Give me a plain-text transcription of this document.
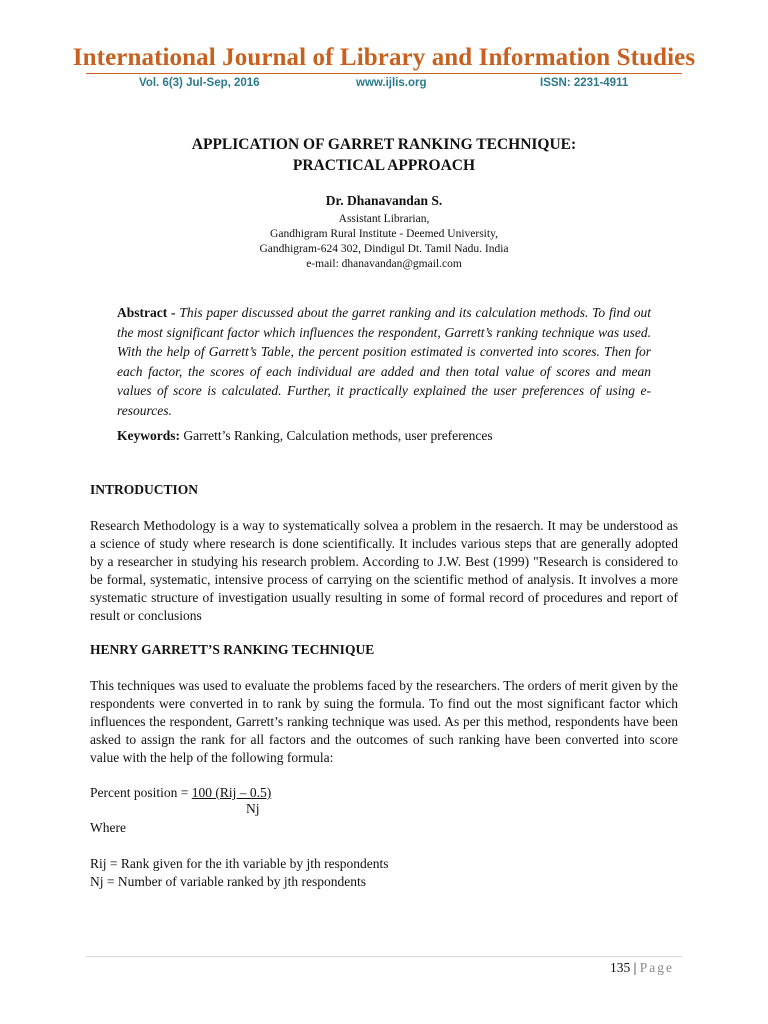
International Journal of Library and Information Studies
Vol. 6(3) Jul-Sep, 2016	www.ijlis.org	ISSN: 2231-4911
APPLICATION OF GARRET RANKING TECHNIQUE:
PRACTICAL APPROACH
Dr. Dhanavandan S.
Assistant Librarian,
Gandhigram Rural Institute - Deemed University,
Gandhigram-624 302, Dindigul Dt. Tamil Nadu. India
e-mail: dhanavandan@gmail.com
Abstract - This paper discussed about the garret ranking and its calculation methods. To find out the most significant factor which influences the respondent, Garrett’s ranking technique was used. With the help of Garrett’s Table, the percent position estimated is converted into scores. Then for each factor, the scores of each individual are added and then total value of scores and mean values of score is calculated. Further, it practically explained the user preferences of using e-resources.
Keywords: Garrett’s Ranking, Calculation methods, user preferences
INTRODUCTION
Research Methodology is a way to systematically solvea a problem in the resaerch. It may be understood as a science of study where research is done scientifically. It includes various steps that are generally adopted by a researcher in studying his research problem. According to J.W. Best (1999) "Research is considered to be formal, systematic, intensive process of carrying on the scientific method of analysis. It involves a more systematic structure of investigation usually resulting in some of formal record of procedures and report of result or conclusions
HENRY GARRETT’S RANKING TECHNIQUE
This techniques was used to evaluate the problems faced by the researchers. The orders of merit given by the respondents were converted in to rank by suing the formula. To find out the most significant factor which influences the respondent, Garrett’s ranking technique was used. As per this method, respondents have been asked to assign the rank for all factors and the outcomes of such ranking have been converted into score value with the help of the following formula:
Percent position = 100 (Rij – 0.5)
Nj
Where
Rij = Rank given for the ith variable by jth respondents
Nj = Number of variable ranked by jth respondents
135 | Page
